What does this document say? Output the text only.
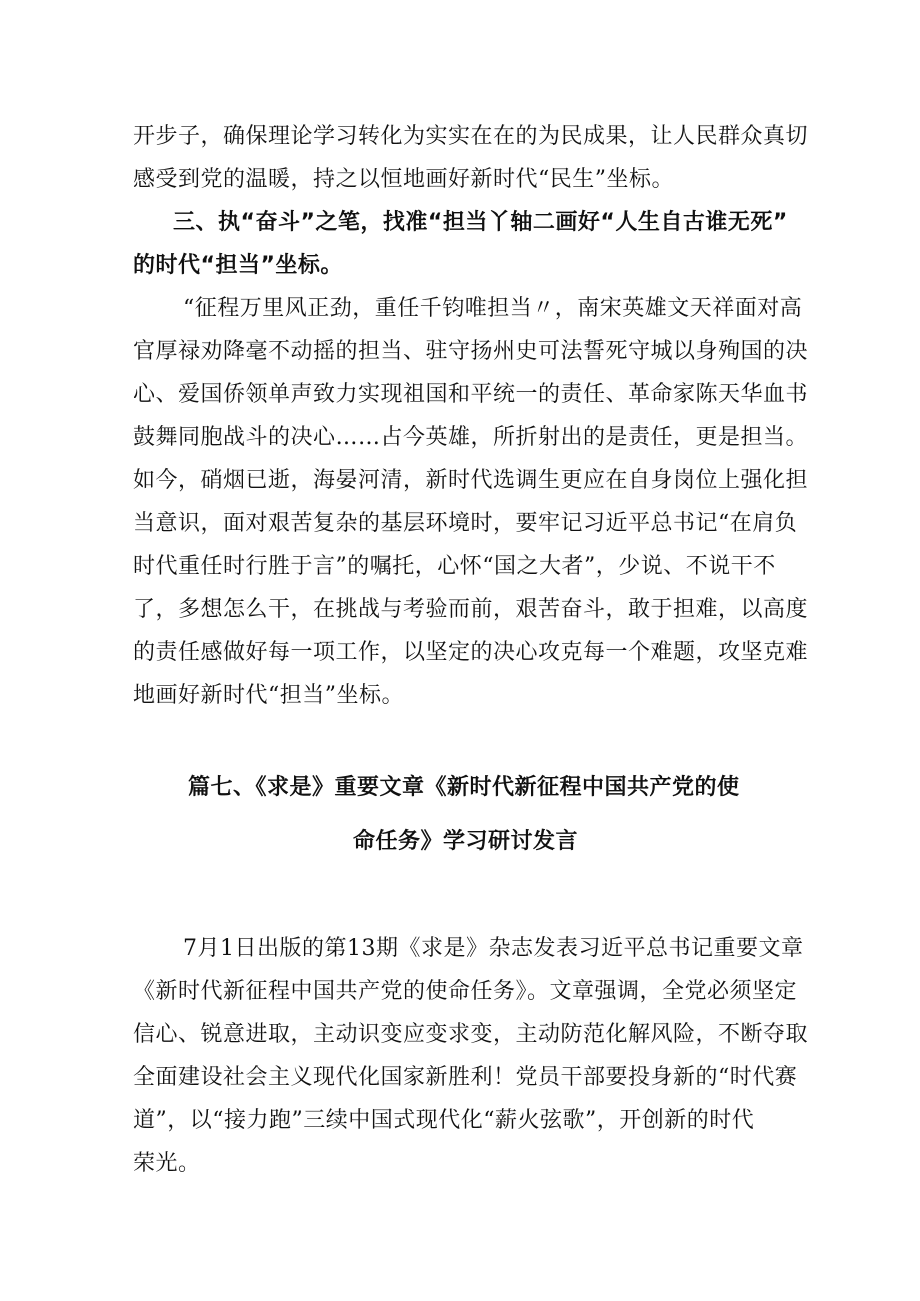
开步子，确保理论学习转化为实实在在的为民成果，让人民群众真切
感受到党的温暖，持之以恒地画好新时代“民生”坐标。
三、执“奋斗”之笔，找准“担当丫轴二画好“人生自古谁无死”
的时代“担当”坐标。
“征程万里风正劲，重任千钧唯担当〃，南宋英雄文天祥面对高
官厚禄劝降毫不动摇的担当、驻守扬州史可法誓死守城以身殉国的决
心、爱国侨领单声致力实现祖国和平统一的责任、革命家陈天华血书
鼓舞同胞战斗的决心……占今英雄，所折射出的是责任，更是担当。
如今，硝烟已逝，海晏河清，新时代选调生更应在自身岗位上强化担
当意识，面对艰苦复杂的基层环境时，要牢记习近平总书记“在肩负
时代重任时行胜于言”的嘱托，心怀“国之大者”，少说、不说干不
了，多想怎么干，在挑战与考验而前，艰苦奋斗，敢于担难，以高度
的责任感做好每一项工作，以坚定的决心攻克每一个难题，攻坚克难
地画好新时代“担当”坐标。
篇七、《求是》重要文章《新时代新征程中国共产党的使
命任务》学习研讨发言
7月1日出版的第13期《求是》杂志发表习近平总书记重要文章
《新时代新征程中国共产党的使命任务》。文章强调，全党必须坚定
信心、锐意进取，主动识变应变求变，主动防范化解风险，不断夺取
全面建设社会主义现代化国家新胜利！党员干部要投身新的“时代赛
道”，以“接力跑”三续中国式现代化“薪火弦歌”，开创新的时代
荣光。
